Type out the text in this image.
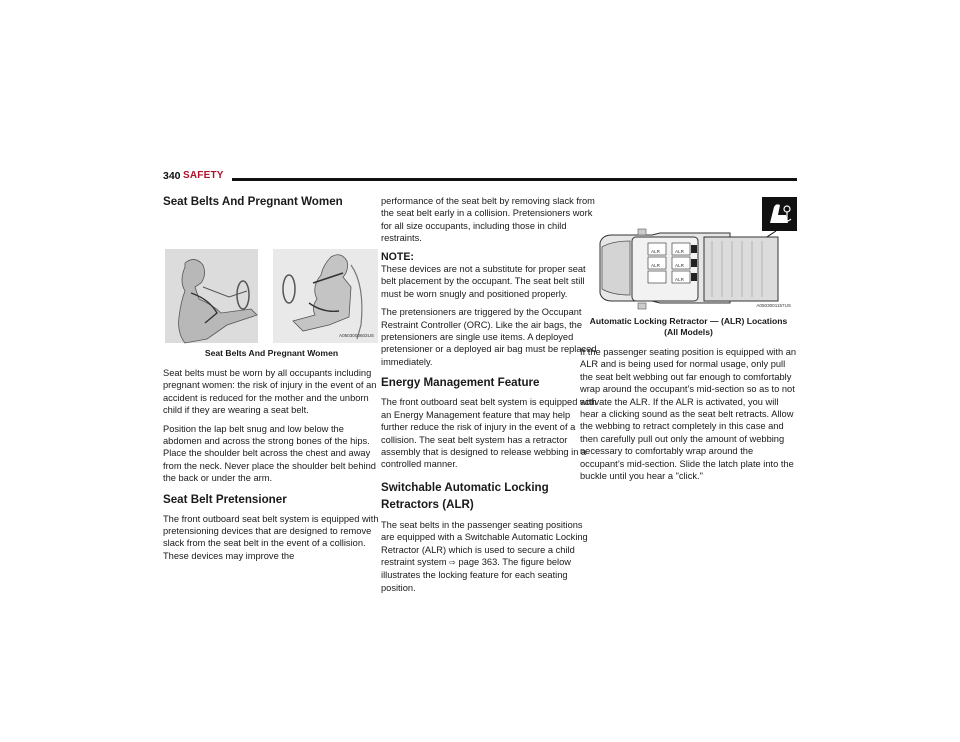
340 SAFETY
Seat Belts And Pregnant Women
A0503000603US
Seat Belts And Pregnant Women

Seat belts must be worn by all occupants including pregnant women: the risk of injury in the event of an accident is reduced for the mother and the unborn child if they are wearing a seat belt.

Position the lap belt snug and low below the abdomen and across the strong bones of the hips. Place the shoulder belt across the chest and away from the neck. Never place the shoulder belt behind the back or under the arm.

Seat Belt Pretensioner

The front outboard seat belt system is equipped with pretensioning devices that are designed to remove slack from the seat belt in the event of a collision. These devices may improve the

performance of the seat belt by removing slack from the seat belt early in a collision. Pretensioners work for all size occupants, including those in child restraints.

NOTE:

These devices are not a substitute for proper seat belt placement by the occupant. The seat belt still must be worn snugly and positioned properly.

The pretensioners are triggered by the Occupant Restraint Controller (ORC). Like the air bags, the pretensioners are single use items. A deployed pretensioner or a deployed air bag must be replaced immediately.

Energy Management Feature

The front outboard seat belt system is equipped with an Energy Management feature that may help further reduce the risk of injury in the event of a collision. The seat belt system has a retractor assembly that is designed to release webbing in a controlled manner.

Switchable Automatic Locking Retractors (ALR)

The seat belts in the passenger seating positions are equipped with a Switchable Automatic Locking Retractor (ALR) which is used to secure a child restraint system ⇨ page 363. The figure below illustrates the locking feature for each seating position.

ALR
ALR
ALR
ALR
ALR
A0503001157US
Automatic Locking Retractor — (ALR) Locations (All Models)

If the passenger seating position is equipped with an ALR and is being used for normal usage, only pull the seat belt webbing out far enough to comfortably wrap around the occupant’s mid-section so as to not activate the ALR. If the ALR is activated, you will hear a clicking sound as the seat belt retracts. Allow the webbing to retract completely in this case and then carefully pull out only the amount of webbing necessary to comfortably wrap around the occupant’s mid-section. Slide the latch plate into the buckle until you hear a "click."
